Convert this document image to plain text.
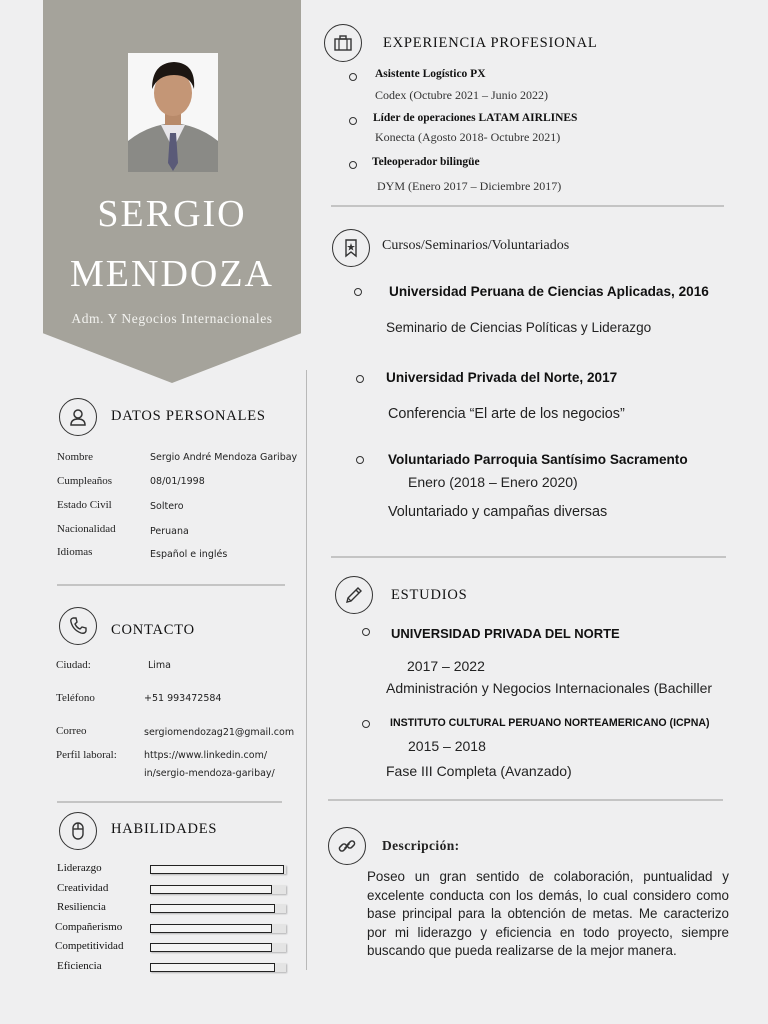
SERGIO
MENDOZA
Adm. Y Negocios Internacionales
DATOS PERSONALES
Nombre	Sergio André Mendoza Garibay
Cumpleaños	08/01/1998
Estado Civil	Soltero
Nacionalidad	Peruana
Idiomas	Español e inglés
CONTACTO
Ciudad:	Lima
Teléfono	+51 993472584
Correo	sergiomendozag21@gmail.com
Perfil laboral:	https://www.linkedin.com/
in/sergio-mendoza-garibay/
HABILIDADES
Liderazgo
Creatividad
Resiliencia
Compañerismo
Competitividad
Eficiencia
EXPERIENCIA PROFESIONAL
Asistente Logístico PX
Codex (Octubre 2021 – Junio 2022)
Líder de operaciones LATAM AIRLINES
Konecta (Agosto 2018- Octubre 2021)
Teleoperador bilingüe
DYM (Enero 2017 – Diciembre 2017)
Cursos/Seminarios/Voluntariados
Universidad Peruana de Ciencias Aplicadas, 2016
Seminario de Ciencias Políticas y Liderazgo
Universidad Privada del Norte, 2017
Conferencia “El arte de los negocios”
Voluntariado Parroquia Santísimo Sacramento
Enero (2018 – Enero 2020)
Voluntariado y campañas diversas
ESTUDIOS
UNIVERSIDAD PRIVADA DEL NORTE
2017 – 2022
Administración y Negocios Internacionales (Bachiller
INSTITUTO CULTURAL PERUANO NORTEAMERICANO (ICPNA)
2015 – 2018
Fase III Completa (Avanzado)
Descripción:
Poseo un gran sentido de colaboración, puntualidad y excelente conducta con los demás, lo cual considero como base principal para la obtención de metas. Me caracterizo por mi liderazgo y eficiencia en todo proyecto, siempre buscando que pueda realizarse de la mejor manera.
